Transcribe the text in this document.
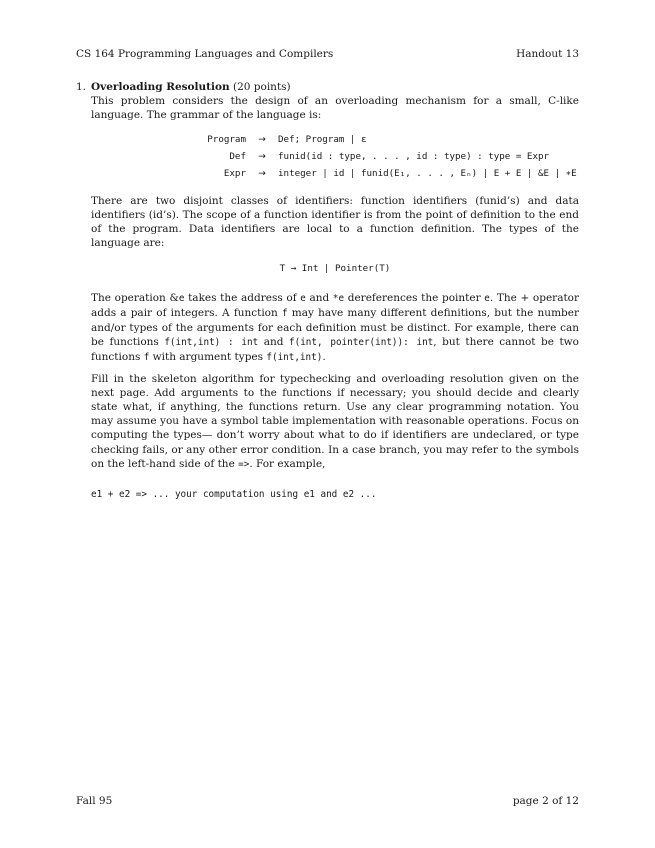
CS 164 Programming Languages and Compilers	Handout 13
1. Overloading Resolution (20 points)

This problem considers the design of an overloading mechanism for a small, C-like language. The grammar of the language is:

Program	→	Def; Program | ε
Def	→	funid(id : type, . . . , id : type) : type = Expr
Expr	→	integer | id | funid(E₁, . . . , Eₙ) | E + E | &E | ∗E

There are two disjoint classes of identifiers: function identifiers (funid’s) and data identifiers (id’s). The scope of a function identifier is from the point of definition to the end of the program. Data identifiers are local to a function definition. The types of the language are:

T → Int | Pointer(T)

The operation &e takes the address of e and *e dereferences the pointer e. The + operator adds a pair of integers. A function f may have many different definitions, but the number and/or types of the arguments for each definition must be distinct. For example, there can be functions f(int,int) : int and f(int, pointer(int)): int, but there cannot be two functions f with argument types f(int,int).

Fill in the skeleton algorithm for typechecking and overloading resolution given on the next page. Add arguments to the functions if necessary; you should decide and clearly state what, if anything, the functions return. Use any clear programming notation. You may assume you have a symbol table implementation with reasonable operations. Focus on computing the types— don’t worry about what to do if identifiers are undeclared, or type checking fails, or any other error condition. In a case branch, you may refer to the symbols on the left-hand side of the =>. For example,

e1 + e2 => ... your computation using e1 and e2 ...
Fall 95	page 2 of 12
